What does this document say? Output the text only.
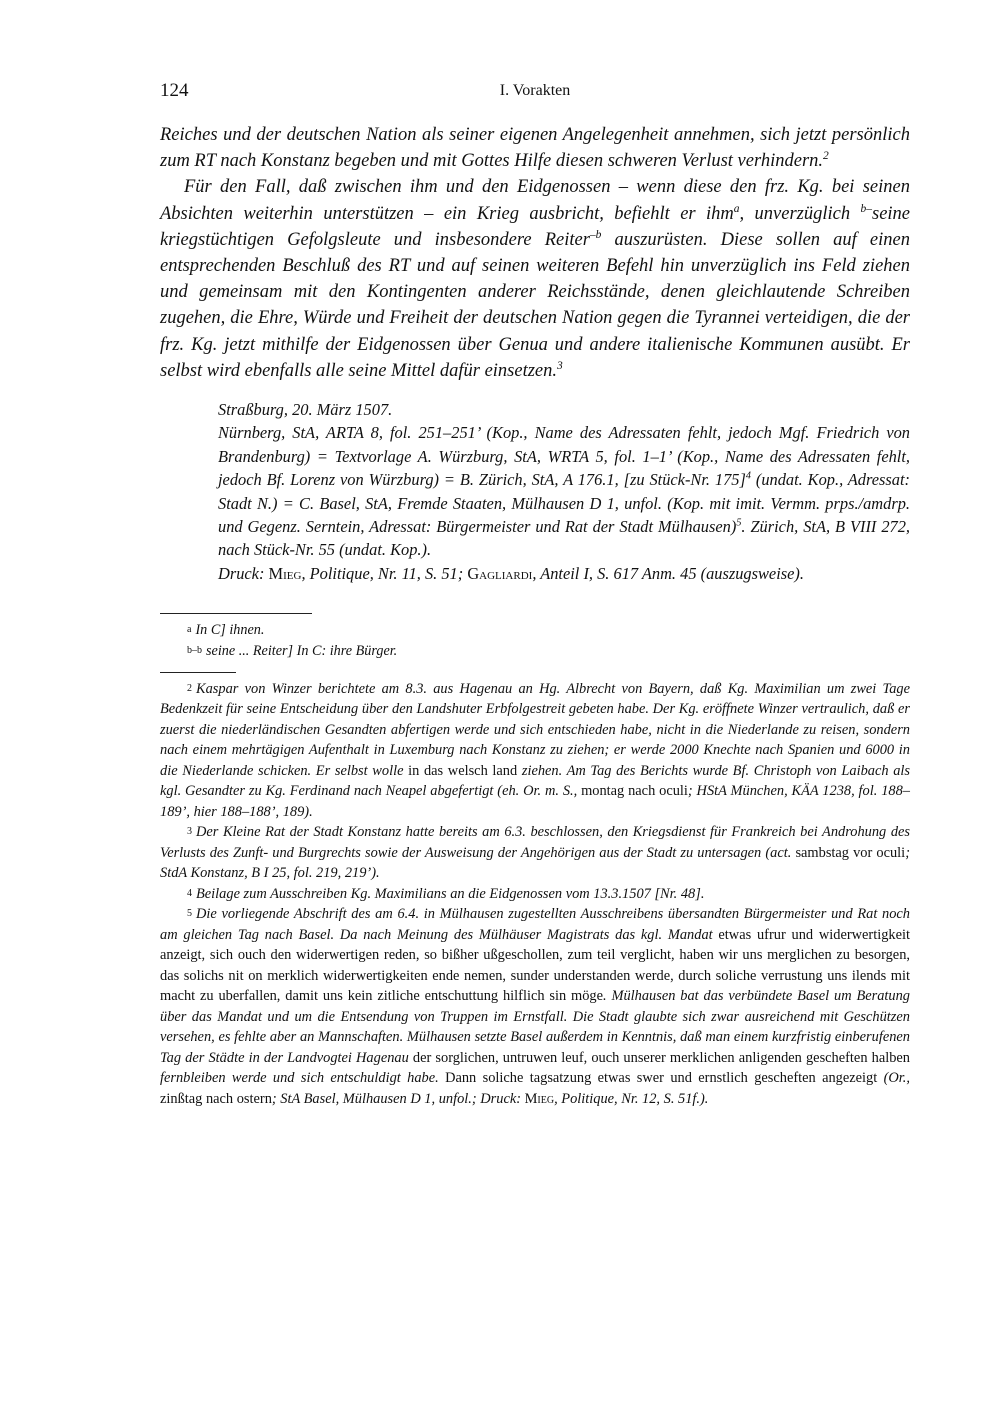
124	I. Vorakten

Reiches und der deutschen Nation als seiner eigenen Angelegenheit annehmen, sich jetzt persönlich zum RT nach Konstanz begeben und mit Gottes Hilfe diesen schweren Verlust verhindern.$^2$

Für den Fall, daß zwischen ihm und den Eidgenossen – wenn diese den frz. Kg. bei seinen Absichten weiterhin unterstützen – ein Krieg ausbricht, befiehlt er ihm$^a$, unverzüglich $^{b-}$seine kriegstüchtigen Gefolgsleute und insbesondere Reiter$^{-b}$ auszurüsten. Diese sollen auf einen entsprechenden Beschluß des RT und auf seinen weiteren Befehl hin unverzüglich ins Feld ziehen und gemeinsam mit den Kontingenten anderer Reichsstände, denen gleichlautende Schreiben zugehen, die Ehre, Würde und Freiheit der deutschen Nation gegen die Tyrannei verteidigen, die der frz. Kg. jetzt mithilfe der Eidgenossen über Genua und andere italienische Kommunen ausübt. Er selbst wird ebenfalls alle seine Mittel dafür einsetzen.$^3$

Straßburg, 20. März 1507.

Nürnberg, StA, ARTA 8, fol. 251–251’ (Kop., Name des Adressaten fehlt, jedoch Mgf. Friedrich von Brandenburg) = Textvorlage A. Würzburg, StA, WRTA 5, fol. 1–1’ (Kop., Name des Adressaten fehlt, jedoch Bf. Lorenz von Würzburg) = B. Zürich, StA, A 176.1, [zu Stück-Nr. 175]$^4$ (undat. Kop., Adressat: Stadt N.) = C. Basel, StA, Fremde Staaten, Mülhausen D 1, unfol. (Kop. mit imit. Vermm. prps./amdrp. und Gegenz. Serntein, Adressat: Bürgermeister und Rat der Stadt Mülhausen)$^5$. Zürich, StA, B VIII 272, nach Stück-Nr. 55 (undat. Kop.).

Druck: Mieg, Politique, Nr. 11, S. 51; Gagliardi, Anteil I, S. 617 Anm. 45 (auszugsweise).

a In C] ihnen.

b–b seine ... Reiter] In C: ihre Bürger.

2 Kaspar von Winzer berichtete am 8.3. aus Hagenau an Hg. Albrecht von Bayern, daß Kg. Maximilian um zwei Tage Bedenkzeit für seine Entscheidung über den Landshuter Erbfolgestreit gebeten habe. Der Kg. eröffnete Winzer vertraulich, daß er zuerst die niederländischen Gesandten abfertigen werde und sich entschieden habe, nicht in die Niederlande zu reisen, sondern nach einem mehrtägigen Aufenthalt in Luxemburg nach Konstanz zu ziehen; er werde 2000 Knechte nach Spanien und 6000 in die Niederlande schicken. Er selbst wolle in das welsch land ziehen. Am Tag des Berichts wurde Bf. Christoph von Laibach als kgl. Gesandter zu Kg. Ferdinand nach Neapel abgefertigt (eh. Or. m. S., montag nach oculi; HStA München, KÄA 1238, fol. 188–189’, hier 188–188’, 189).

3 Der Kleine Rat der Stadt Konstanz hatte bereits am 6.3. beschlossen, den Kriegsdienst für Frankreich bei Androhung des Verlusts des Zunft- und Burgrechts sowie der Ausweisung der Angehörigen aus der Stadt zu untersagen (act. sambstag vor oculi; StdA Konstanz, B I 25, fol. 219, 219’).

4 Beilage zum Ausschreiben Kg. Maximilians an die Eidgenossen vom 13.3.1507 [Nr. 48].

5 Die vorliegende Abschrift des am 6.4. in Mülhausen zugestellten Ausschreibens übersandten Bürgermeister und Rat noch am gleichen Tag nach Basel. Da nach Meinung des Mülhäuser Magistrats das kgl. Mandat etwas ufrur und widerwertigkeit anzeigt, sich ouch den widerwertigen reden, so bißher ußgeschollen, zum teil verglicht, haben wir uns merglichen zu besorgen, das solichs nit on merklich widerwertigkeiten ende nemen, sunder understanden werde, durch soliche verrustung uns ilends mit macht zu uberfallen, damit uns kein zitliche entschuttung hilflich sin möge. Mülhausen bat das verbündete Basel um Beratung über das Mandat und um die Entsendung von Truppen im Ernstfall. Die Stadt glaubte sich zwar ausreichend mit Geschützen versehen, es fehlte aber an Mannschaften. Mülhausen setzte Basel außerdem in Kenntnis, daß man einem kurzfristig einberufenen Tag der Städte in der Landvogtei Hagenau der sorglichen, untruwen leuf, ouch unserer merklichen anligenden gescheften halben fernbleiben werde und sich entschuldigt habe. Dann soliche tagsatzung etwas swer und ernstlich gescheften angezeigt (Or., zinßtag nach ostern; StA Basel, Mülhausen D 1, unfol.; Druck: Mieg, Politique, Nr. 12, S. 51f.).
